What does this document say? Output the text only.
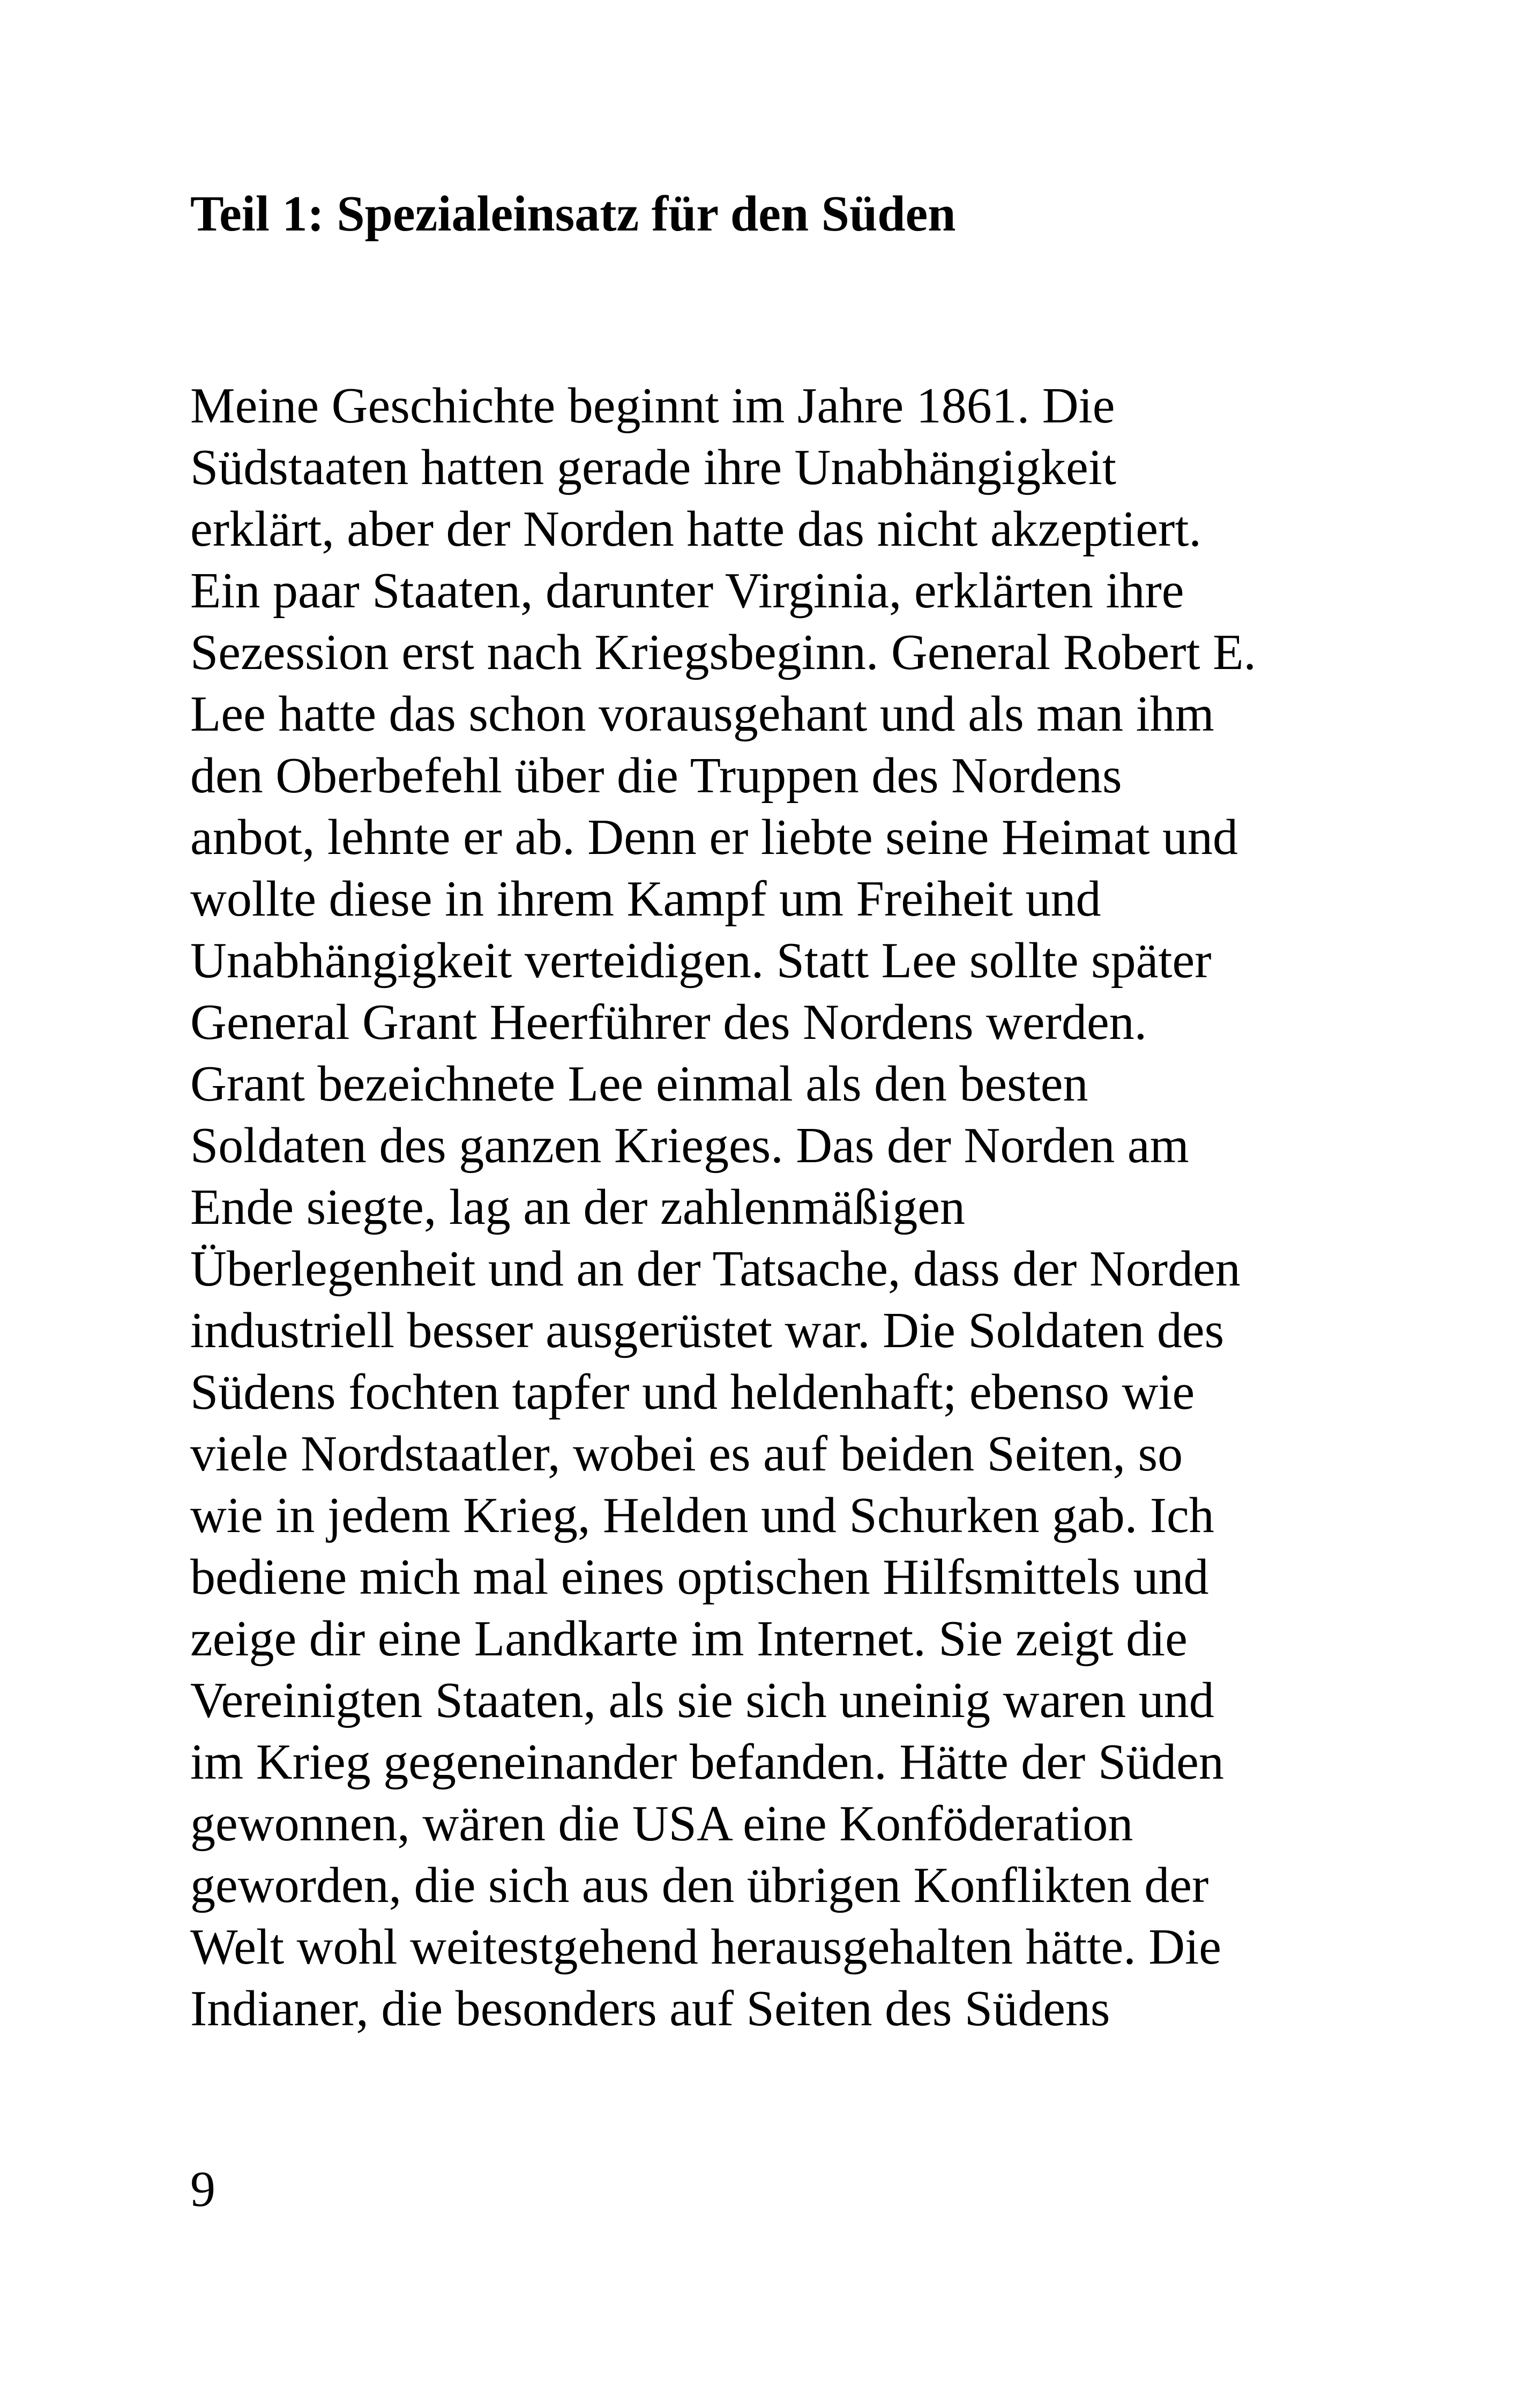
Teil 1: Spezialeinsatz für den Süden
Meine Geschichte beginnt im Jahre 1861. Die
Südstaaten hatten gerade ihre Unabhängigkeit
erklärt, aber der Norden hatte das nicht akzeptiert.
Ein paar Staaten, darunter Virginia, erklärten ihre
Sezession erst nach Kriegsbeginn. General Robert E.
Lee hatte das schon vorausgehant und als man ihm
den Oberbefehl über die Truppen des Nordens
anbot, lehnte er ab. Denn er liebte seine Heimat und
wollte diese in ihrem Kampf um Freiheit und
Unabhängigkeit verteidigen. Statt Lee sollte später
General Grant Heerführer des Nordens werden.
Grant bezeichnete Lee einmal als den besten
Soldaten des ganzen Krieges. Das der Norden am
Ende siegte, lag an der zahlenmäßigen
Überlegenheit und an der Tatsache, dass der Norden
industriell besser ausgerüstet war. Die Soldaten des
Südens fochten tapfer und heldenhaft; ebenso wie
viele Nordstaatler, wobei es auf beiden Seiten, so
wie in jedem Krieg, Helden und Schurken gab. Ich
bediene mich mal eines optischen Hilfsmittels und
zeige dir eine Landkarte im Internet. Sie zeigt die
Vereinigten Staaten, als sie sich uneinig waren und
im Krieg gegeneinander befanden. Hätte der Süden
gewonnen, wären die USA eine Konföderation
geworden, die sich aus den übrigen Konflikten der
Welt wohl weitestgehend herausgehalten hätte. Die
Indianer, die besonders auf Seiten des Südens
9
